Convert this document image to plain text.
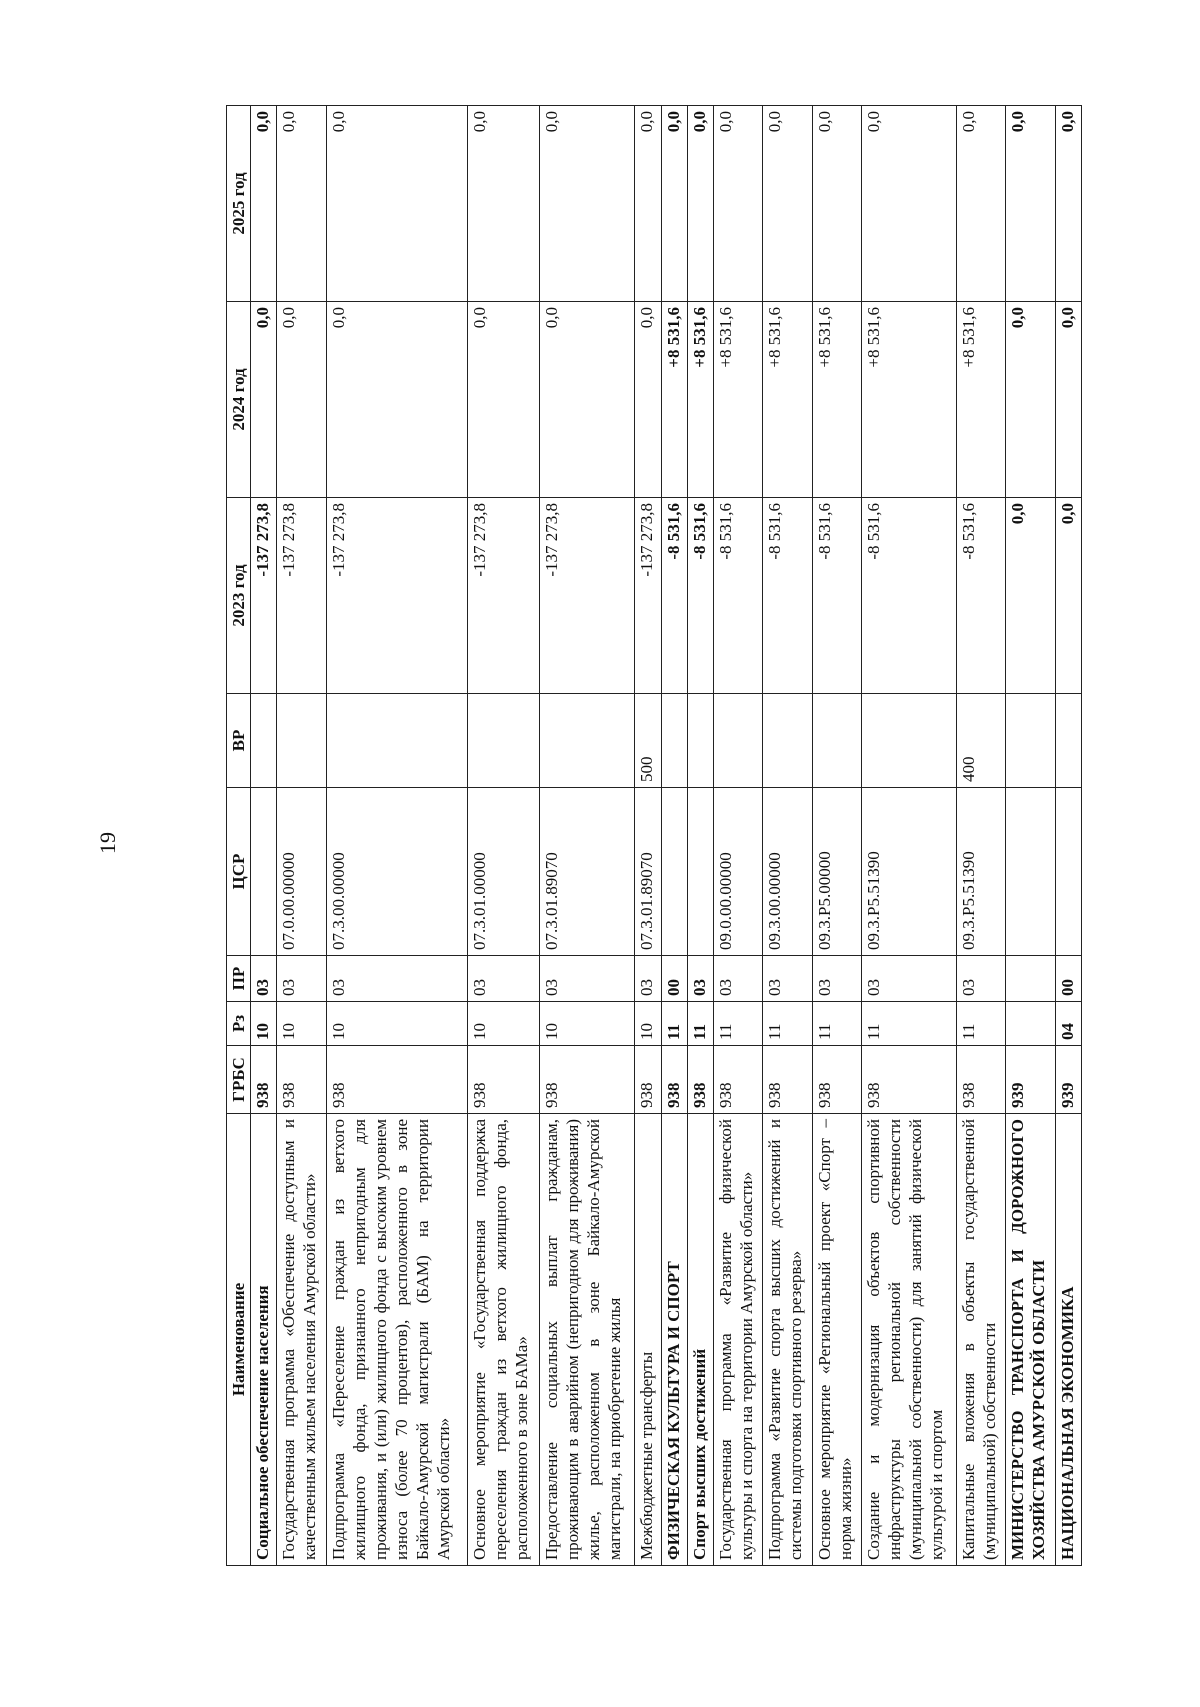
19
Наименование	ГРБС	Рз	ПР	ЦСР	ВР	2023 год	2024 год	2025 год
Социальное обеспечение населения	938	10	03			-137 273,8	0,0	0,0
Государственная программа «Обеспечение доступным и качественным жильем населения Амурской области»	938	10	03	07.0.00.00000		-137 273,8	0,0	0,0
Подпрограмма «Переселение граждан из ветхого жилищного фонда, признанного непригодным для проживания, и (или) жилищного фонда с высоким уровнем износа (более 70 процентов), расположенного в зоне Байкало-Амурской магистрали (БАМ) на территории Амурской области»	938	10	03	07.3.00.00000		-137 273,8	0,0	0,0
Основное мероприятие «Государственная поддержка переселения граждан из ветхого жилищного фонда, расположенного в зоне БАМа»	938	10	03	07.3.01.00000		-137 273,8	0,0	0,0
Предоставление социальных выплат гражданам, проживающим в аварийном (непригодном для проживания) жилье, расположенном в зоне Байкало-Амурской магистрали, на приобретение жилья	938	10	03	07.3.01.89070		-137 273,8	0,0	0,0
Межбюджетные трансферты	938	10	03	07.3.01.89070	500	-137 273,8	0,0	0,0
ФИЗИЧЕСКАЯ КУЛЬТУРА И СПОРТ	938	11	00			-8 531,6	+8 531,6	0,0
Спорт высших достижений	938	11	03			-8 531,6	+8 531,6	0,0
Государственная программа «Развитие физической культуры и спорта на территории Амурской области»	938	11	03	09.0.00.00000		-8 531,6	+8 531,6	0,0
Подпрограмма «Развитие спорта высших достижений и системы подготовки спортивного резерва»	938	11	03	09.3.00.00000		-8 531,6	+8 531,6	0,0
Основное мероприятие «Региональный проект «Спорт – норма жизни»	938	11	03	09.3.P5.00000		-8 531,6	+8 531,6	0,0
Создание и модернизация объектов спортивной инфраструктуры региональной собственности (муниципальной собственности) для занятий физической культурой и спортом	938	11	03	09.3.P5.51390		-8 531,6	+8 531,6	0,0
Капитальные вложения в объекты государственной (муниципальной) собственности	938	11	03	09.3.P5.51390	400	-8 531,6	+8 531,6	0,0
МИНИСТЕРСТВО ТРАНСПОРТА И ДОРОЖНОГО ХОЗЯЙСТВА АМУРСКОЙ ОБЛАСТИ	939					0,0	0,0	0,0
НАЦИОНАЛЬНАЯ ЭКОНОМИКА	939	04	00			0,0	0,0	0,0
